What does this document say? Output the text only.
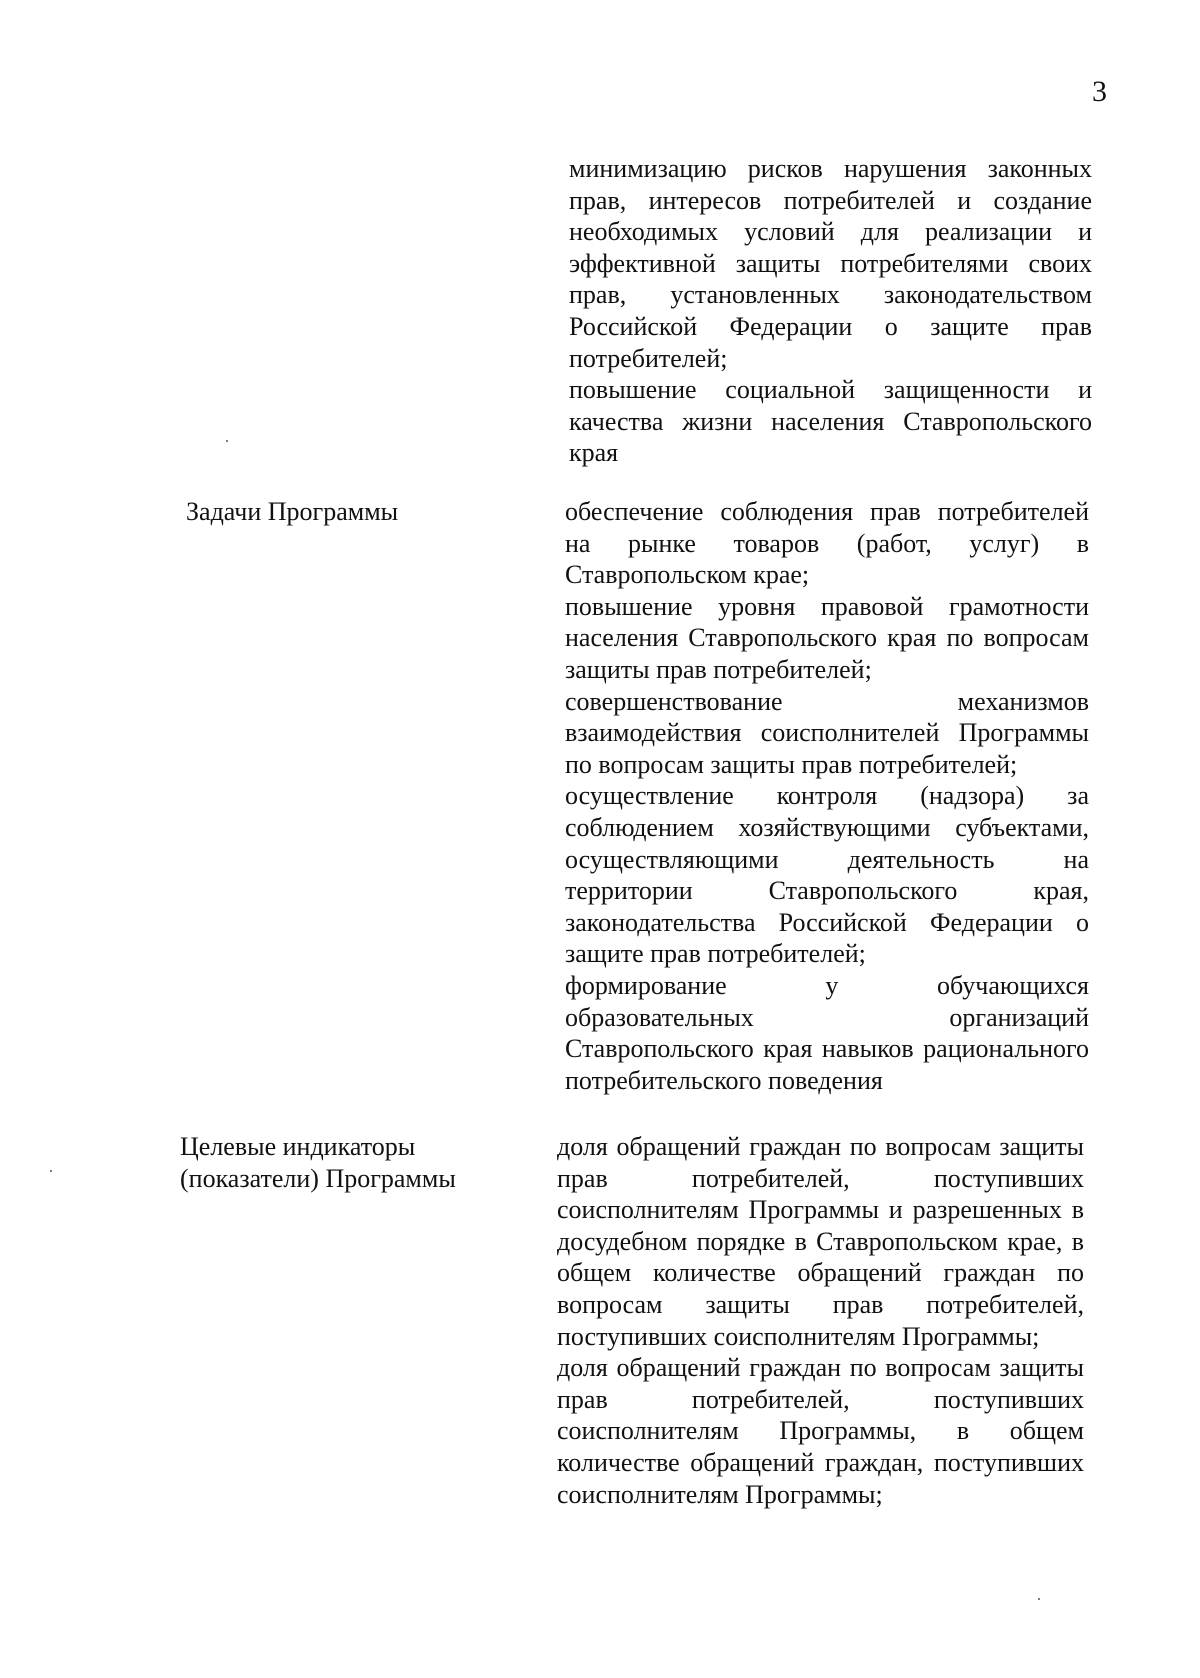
3

минимизацию рисков нарушения законных прав, интересов потребителей и создание необходимых условий для реализации и эффективной защиты потребителями своих прав, установленных законодательством Российской Федерации о защите прав потребителей;

повышение социальной защищенности и качества жизни населения Ставропольского края

Задачи Программы	обеспечение соблюдения прав потребителей на рынке товаров (работ, услуг) в Ставропольском крае;

повышение уровня правовой грамотности населения Ставропольского края по вопросам защиты прав потребителей;

совершенствование механизмов взаимодействия соисполнителей Программы по вопросам защиты прав потребителей;

осуществление контроля (надзора) за соблюдением хозяйствующими субъектами, осуществляющими деятельность на территории Ставропольского края, законодательства Российской Федерации о защите прав потребителей;

формирование у обучающихся образовательных организаций Ставропольского края навыков рационального потребительского поведения

Целевые индикаторы (показатели) Программы

доля обращений граждан по вопросам защиты прав потребителей, поступивших соисполнителям Программы и разрешенных в досудебном порядке в Ставропольском крае, в общем количестве обращений граждан по вопросам защиты прав потребителей, поступивших соисполнителям Программы;

доля обращений граждан по вопросам защиты прав потребителей, поступивших соисполнителям Программы, в общем количестве обращений граждан, поступивших соисполнителям Программы;
